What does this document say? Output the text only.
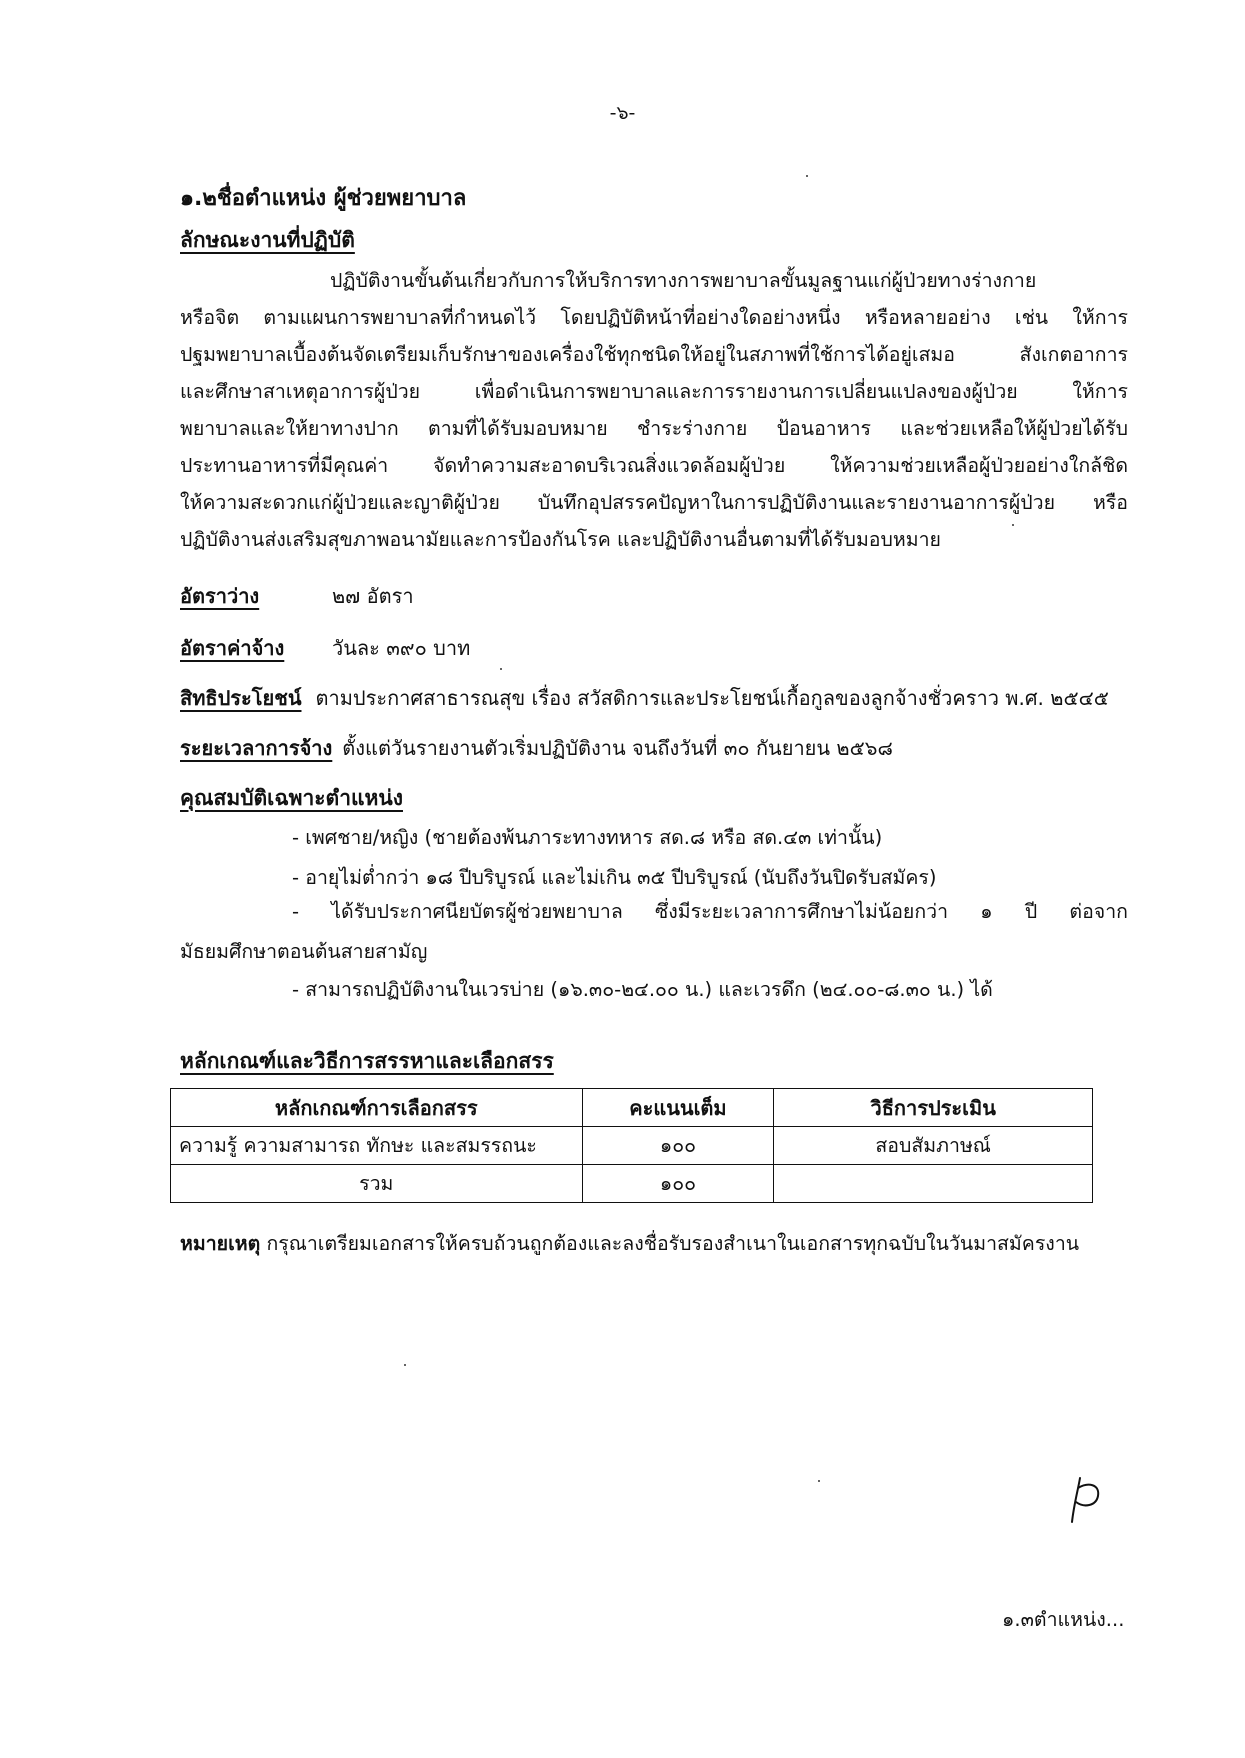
-๖-
๑.๒ชื่อตำแหน่ง ผู้ช่วยพยาบาล
ลักษณะงานที่ปฏิบัติ
ปฏิบัติงานขั้นต้นเกี่ยวกับการให้บริการทางการพยาบาลขั้นมูลฐานแก่ผู้ป่วยทางร่างกาย
หรือจิต ตามแผนการพยาบาลที่กำหนดไว้ โดยปฏิบัติหน้าที่อย่างใดอย่างหนึ่ง หรือหลายอย่าง เช่น ให้การ
ปฐมพยาบาลเบื้องต้นจัดเตรียมเก็บรักษาของเครื่องใช้ทุกชนิดให้อยู่ในสภาพที่ใช้การได้อยู่เสมอ สังเกตอาการ
และศึกษาสาเหตุอาการผู้ป่วย เพื่อดำเนินการพยาบาลและการรายงานการเปลี่ยนแปลงของผู้ป่วย ให้การ
พยาบาลและให้ยาทางปาก ตามที่ได้รับมอบหมาย ชำระร่างกาย ป้อนอาหาร และช่วยเหลือให้ผู้ป่วยได้รับ
ประทานอาหารที่มีคุณค่า จัดทำความสะอาดบริเวณสิ่งแวดล้อมผู้ป่วย ให้ความช่วยเหลือผู้ป่วยอย่างใกล้ชิด
ให้ความสะดวกแก่ผู้ป่วยและญาติผู้ป่วย บันทึกอุปสรรคปัญหาในการปฏิบัติงานและรายงานอาการผู้ป่วย หรือ
ปฏิบัติงานส่งเสริมสุขภาพอนามัยและการป้องกันโรค และปฏิบัติงานอื่นตามที่ได้รับมอบหมาย
อัตราว่าง	๒๗ อัตรา
อัตราค่าจ้าง วันละ ๓๙๐ บาท
สิทธิประโยชน์ ตามประกาศสาธารณสุข เรื่อง สวัสดิการและประโยชน์เกื้อกูลของลูกจ้างชั่วคราว พ.ศ. ๒๕๔๕
ระยะเวลาการจ้าง ตั้งแต่วันรายงานตัวเริ่มปฏิบัติงาน จนถึงวันที่ ๓๐ กันยายน ๒๕๖๘
คุณสมบัติเฉพาะตำแหน่ง
- เพศชาย/หญิง (ชายต้องพ้นภาระทางทหาร สด.๘ หรือ สด.๔๓ เท่านั้น)
- อายุไม่ต่ำกว่า ๑๘ ปีบริบูรณ์ และไม่เกิน ๓๕ ปีบริบูรณ์ (นับถึงวันปิดรับสมัคร)
- ได้รับประกาศนียบัตรผู้ช่วยพยาบาล ซึ่งมีระยะเวลาการศึกษาไม่น้อยกว่า ๑ ปี ต่อจาก
มัธยมศึกษาตอนต้นสายสามัญ
- สามารถปฏิบัติงานในเวรบ่าย (๑๖.๓๐-๒๔.๐๐ น.) และเวรดึก (๒๔.๐๐-๘.๓๐ น.) ได้
หลักเกณฑ์และวิธีการสรรหาและเลือกสรร
หลักเกณฑ์การเลือกสรร	คะแนนเต็ม	วิธีการประเมิน
ความรู้ ความสามารถ ทักษะ และสมรรถนะ	๑๐๐	สอบสัมภาษณ์
รวม	๑๐๐	
หมายเหตุ กรุณาเตรียมเอกสารให้ครบถ้วนถูกต้องและลงชื่อรับรองสำเนาในเอกสารทุกฉบับในวันมาสมัครงาน
๑.๓ตำแหน่ง...
